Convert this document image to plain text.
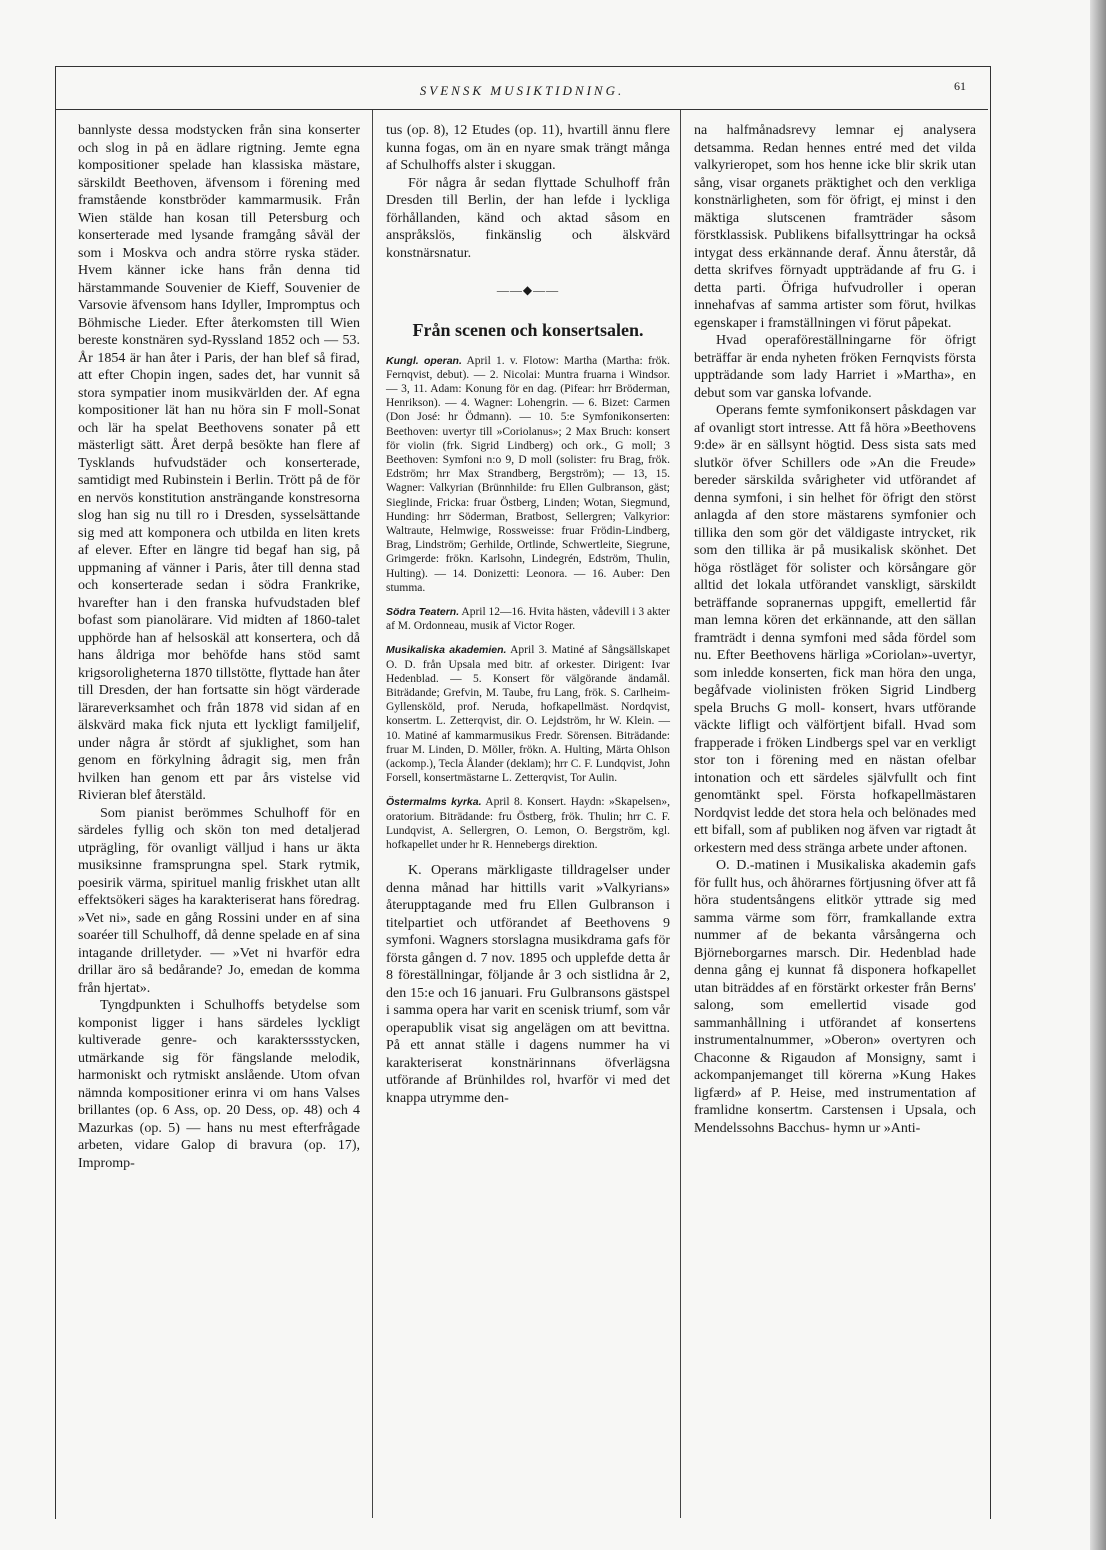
SVENSK MUSIKTIDNING.	61

bannlyste dessa modstycken från sina konserter och slog in på en ädlare rigtning. Jemte egna kompositioner spelade han klassiska mästare, särskildt Beethoven, äfvensom i förening med framstående konstbröder kammarmusik. Från Wien stälde han kosan till Petersburg och konserterade med lysande framgång såväl der som i Moskva och andra större ryska städer. Hvem känner icke hans från denna tid härstammande Souvenier de Kieff, Souvenier de Varsovie äfvensom hans Idyller, Impromptus och Böhmische Lieder. Efter återkomsten till Wien bereste konstnären syd-Ryssland 1852 och — 53. År 1854 är han åter i Paris, der han blef så firad, att efter Chopin ingen, sades det, har vunnit så stora sympatier inom musikvärlden der. Af egna kompositioner lät han nu höra sin F moll-Sonat och lär ha spelat Beethovens sonater på ett mästerligt sätt. Året derpå besökte han flere af Tysklands hufvudstäder och konserterade, samtidigt med Rubinstein i Berlin. Trött på de för en nervös konstitution ansträngande konstresorna slog han sig nu till ro i Dresden, sysselsättande sig med att komponera och utbilda en liten krets af elever. Efter en längre tid begaf han sig, på uppmaning af vänner i Paris, åter till denna stad och konserterade sedan i södra Frankrike, hvarefter han i den franska hufvudstaden blef bofast som pianolärare. Vid midten af 1860-talet upphörde han af helsoskäl att konsertera, och då hans åldriga mor behöfde hans stöd samt krigsoroligheterna 1870 tillstötte, flyttade han åter till Dresden, der han fortsatte sin högt värderade lärareverksamhet och från 1878 vid sidan af en älskvärd maka fick njuta ett lyckligt familjelif, under några år stördt af sjuklighet, som han genom en förkylning ådragit sig, men från hvilken han genom ett par års vistelse vid Rivieran blef återstäld.

Som pianist berömmes Schulhoff för en särdeles fyllig och skön ton med detaljerad utprägling, för ovanligt välljud i hans ur äkta musiksinne framsprungna spel. Stark rytmik, poesirik värma, spirituel manlig friskhet utan allt effektsökeri säges ha karakteriserat hans föredrag. »Vet ni», sade en gång Rossini under en af sina soaréer till Schulhoff, då denne spelade en af sina intagande drilletyder. — »Vet ni hvarför edra drillar äro så bedårande? Jo, emedan de komma från hjertat».

Tyngdpunkten i Schulhoffs betydelse som komponist ligger i hans särdeles lyckligt kultiverade genre- och karakterssstycken, utmärkande sig för fängslande melodik, harmoniskt och rytmiskt anslående. Utom ofvan nämnda kompositioner erinra vi om hans Valses brillantes (op. 6 Ass, op. 20 Dess, op. 48) och 4 Mazurkas (op. 5) — hans nu mest efterfrågade arbeten, vidare Galop di bravura (op. 17), Impromp-

tus (op. 8), 12 Etudes (op. 11), hvartill ännu flere kunna fogas, om än en nyare smak trängt många af Schulhoffs alster i skuggan.

För några år sedan flyttade Schulhoff från Dresden till Berlin, der han lefde i lyckliga förhållanden, känd och aktad såsom en anspråkslös, finkänslig och älskvärd konstnärsnatur.

——◆——
Från scenen och konsertsalen.
Kungl. operan. April 1. v. Flotow: Martha (Martha: frök. Fernqvist, debut). — 2. Nicolai: Muntra fruarna i Windsor. — 3, 11. Adam: Konung för en dag. (Pifear: hrr Bröderman, Henrikson). — 4. Wagner: Lohengrin. — 6. Bizet: Carmen (Don José: hr Ödmann). — 10. 5:e Symfonikonserten: Beethoven: uvertyr till »Coriolanus»; 2 Max Bruch: konsert för violin (frk. Sigrid Lindberg) och ork., G moll; 3 Beethoven: Symfoni n:o 9, D moll (solister: fru Brag, frök. Edström; hrr Max Strandberg, Bergström); — 13, 15. Wagner: Valkyrian (Brünnhilde: fru Ellen Gulbranson, gäst; Sieglinde, Fricka: fruar Östberg, Linden; Wotan, Siegmund, Hunding: hrr Söderman, Bratbost, Sellergren; Valkyrior: Waltraute, Helmwige, Rossweisse: fruar Frödin-Lindberg, Brag, Lindström; Gerhilde, Ortlinde, Schwertleite, Siegrune, Grimgerde: frökn. Karlsohn, Lindegrén, Edström, Thulin, Hulting). — 14. Donizetti: Leonora. — 16. Auber: Den stumma.
Södra Teatern. April 12—16. Hvita hästen, vådevill i 3 akter af M. Ordonneau, musik af Victor Roger.
Musikaliska akademien. April 3. Matiné af Sångsällskapet O. D. från Upsala med bitr. af orkester. Dirigent: Ivar Hedenblad. — 5. Konsert för välgörande ändamål. Biträdande; Grefvin, M. Taube, fru Lang, frök. S. Carlheim-Gyllensköld, prof. Neruda, hofkapellmäst. Nordqvist, konsertm. L. Zetterqvist, dir. O. Lejdström, hr W. Klein. — 10. Matiné af kammarmusikus Fredr. Sörensen. Biträdande: fruar M. Linden, D. Möller, frökn. A. Hulting, Märta Ohlson (ackomp.), Tecla Ålander (deklam); hrr C. F. Lundqvist, John Forsell, konsertmästarne L. Zetterqvist, Tor Aulin.
Östermalms kyrka. April 8. Konsert. Haydn: »Skapelsen», oratorium. Biträdande: fru Östberg, frök. Thulin; hrr C. F. Lundqvist, A. Sellergren, O. Lemon, O. Bergström, kgl. hofkapellet under hr R. Hennebergs direktion.

K. Operans märkligaste tilldragelser under denna månad har hittills varit »Valkyrians» återupptagande med fru Ellen Gulbranson i titelpartiet och utförandet af Beethovens 9 symfoni. Wagners storslagna musikdrama gafs för första gången d. 7 nov. 1895 och upplefde detta år 8 föreställningar, följande år 3 och sistlidna år 2, den 15:e och 16 januari. Fru Gulbransons gästspel i samma opera har varit en scenisk triumf, som vår operapublik visat sig angelägen om att bevittna. På ett annat ställe i dagens nummer ha vi karakteriserat konstnärinnans öfverlägsna utförande af Brünhildes rol, hvarför vi med det knappa utrymme den-

na halfmånadsrevy lemnar ej analysera detsamma. Redan hennes entré med det vilda valkyrieropet, som hos henne icke blir skrik utan sång, visar organets präktighet och den verkliga konstnärligheten, som för öfrigt, ej minst i den mäktiga slutscenen framträder såsom förstklassisk. Publikens bifallsyttringar ha också intygat dess erkännande deraf. Ännu återstår, då detta skrifves förnyadt uppträdande af fru G. i detta parti. Öfriga hufvudroller i operan innehafvas af samma artister som förut, hvilkas egenskaper i framställningen vi förut påpekat.

Hvad operaföreställningarne för öfrigt beträffar är enda nyheten fröken Fernqvists första uppträdande som lady Harriet i »Martha», en debut som var ganska lofvande.

Operans femte symfonikonsert påskdagen var af ovanligt stort intresse. Att få höra »Beethovens 9:de» är en sällsynt högtid. Dess sista sats med slutkör öfver Schillers ode »An die Freude» bereder särskilda svårigheter vid utförandet af denna symfoni, i sin helhet för öfrigt den störst anlagda af den store mästarens symfonier och tillika den som gör det väldigaste intrycket, rik som den tillika är på musikalisk skönhet. Det höga röstläget för solister och körsångare gör alltid det lokala utförandet vanskligt, särskildt beträffande sopranernas uppgift, emellertid får man lemna kören det erkännande, att den sällan framträdt i denna symfoni med såda fördel som nu. Efter Beethovens härliga »Coriolan»-uvertyr, som inledde konserten, fick man höra den unga, begåfvade violinisten fröken Sigrid Lindberg spela Bruchs G moll- konsert, hvars utförande väckte lifligt och välförtjent bifall. Hvad som frapperade i fröken Lindbergs spel var en verkligt stor ton i förening med en nästan ofelbar intonation och ett särdeles självfullt och fint genomtänkt spel. Första hofkapellmästaren Nordqvist ledde det stora hela och belönades med ett bifall, som af publiken nog äfven var rigtadt åt orkestern med dess stränga arbete under aftonen.

O. D.-matinen i Musikaliska akademin gafs för fullt hus, och åhörarnes förtjusning öfver att få höra studentsångens elitkör yttrade sig med samma värme som förr, framkallande extra nummer af de bekanta vårsångerna och Björneborgarnes marsch. Dir. Hedenblad hade denna gång ej kunnat få disponera hofkapellet utan biträddes af en förstärkt orkester från Berns' salong, som emellertid visade god sammanhållning i utförandet af konsertens instrumentalnummer, »Oberon» overtyren och Chaconne & Rigaudon af Monsigny, samt i ackompanjemanget till körerna »Kung Hakes ligfærd» af P. Heise, med instrumentation af framlidne konsertm. Carstensen i Upsala, och Mendelssohns Bacchus- hymn ur »Anti-
